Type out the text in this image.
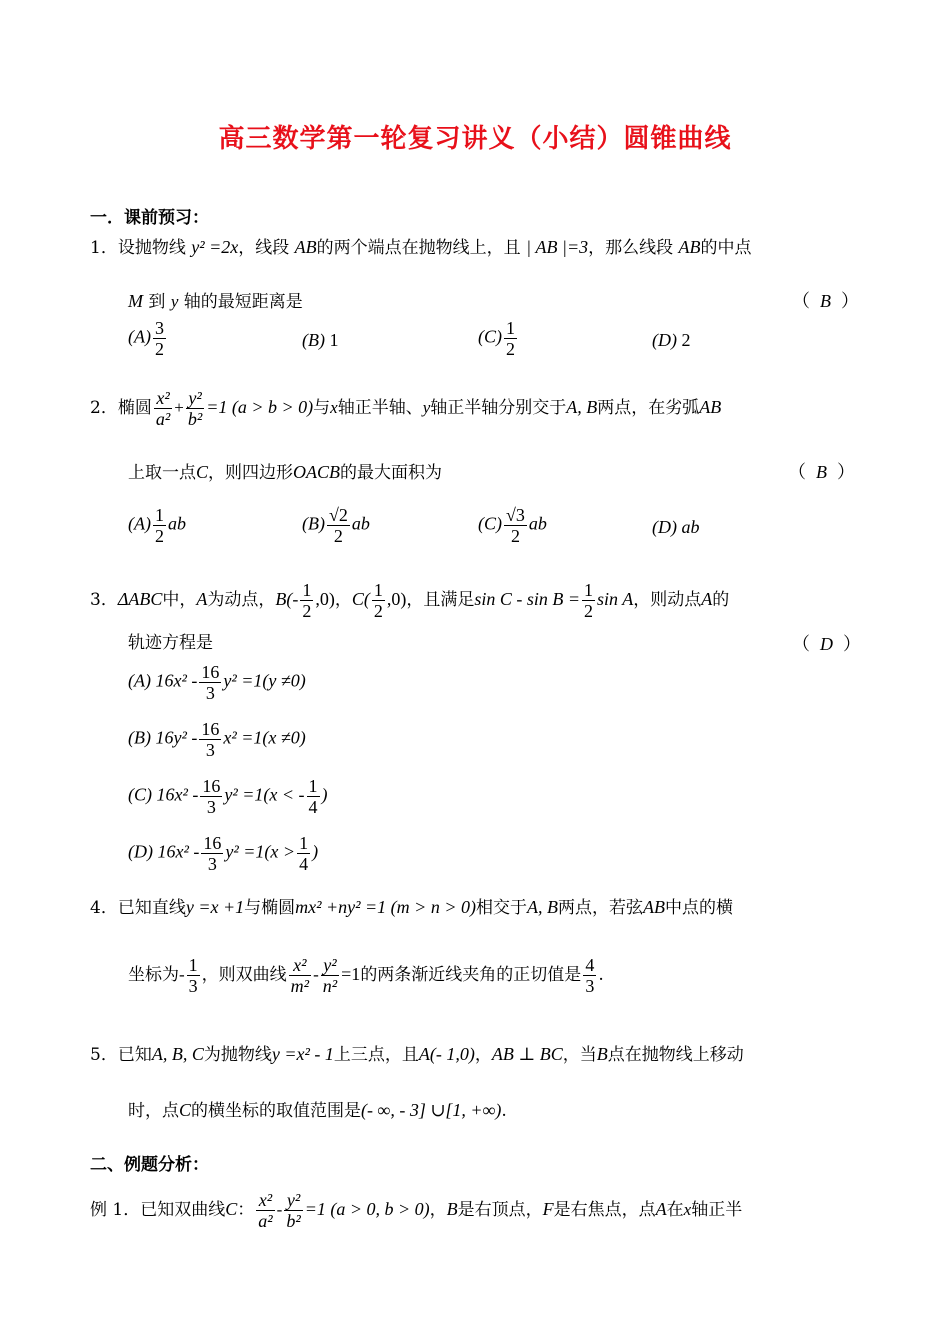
高三数学第一轮复习讲义（小结）圆锥曲线
一．课前预习：
1．设抛物线 y² =2x，线段 AB的两个端点在抛物线上，且 | AB |=3，那么线段 AB的中点
M 到 y 轴的最短距离是	（ B ）
$(A) \frac{3}{2}$	(B) 1	$(C) \frac{1}{2}$	(D) 2
2．椭圆 $\frac{\text{x²}}{\text{a²}} + \frac{\text{y²}}{\text{b²}} =1$ (a > b > 0)与x轴正半轴、y轴正半轴分别交于A, B两点，在劣弧AB
上取一点C，则四边形OACB的最大面积为	（ B ）
$(A) \frac{1}{2}$ ab	$(B) \frac{√2}{2}$ ab	$(C) \frac{√3}{2}$ ab	(D) ab
3．ΔABC中，A为动点，$B(- \frac{1}{2} ,0)$，$C( \frac{1}{2} ,0)$，且满足$\sin C - \sin B = \frac{1}{2}$ sin A，则动点A的
轨迹方程是	（ D ）
(A) $16x^2 - \frac{16}{3} y^2 =1(y \ne 0)$
(B) $16y^2 - \frac{16}{3} x^2 =1(x \ne 0)$
(C) $16x^2 - \frac{16}{3} y^2 =1(x$ < - $\frac{1}{4}$ )
(D) $16x^2 - \frac{16}{3} y^2 =1(x > \frac{1}{4}$ )
4．已知直线y =x +1与椭圆mx² +ny² =1 (m > n > 0)相交于A, B两点，若弦AB中点的横
坐标为- $\frac{1}{3}$ ，则双曲线 $\frac{\text{x²}}{\text{m²}} - \frac{\text{y²}}{\text{n²}} =1$的两条渐近线夹角的正切值是 $\frac{4}{3}$ .
5．已知A, B, C为抛物线y =x² - 1上三点，且A(- 1,0)，AB ⊥ BC，当B点在抛物线上移动
时，点C的横坐标的取值范围是(- ∞, - 3] ∪[1, +∞).
二、例题分析：
例 1．已知双曲线C： $\frac{\text{x²}}{\text{a²}} - \frac{\text{y²}}{\text{b²}} =1$ (a > 0, b > 0)，B是右顶点，F是右焦点，点A在x轴正半
